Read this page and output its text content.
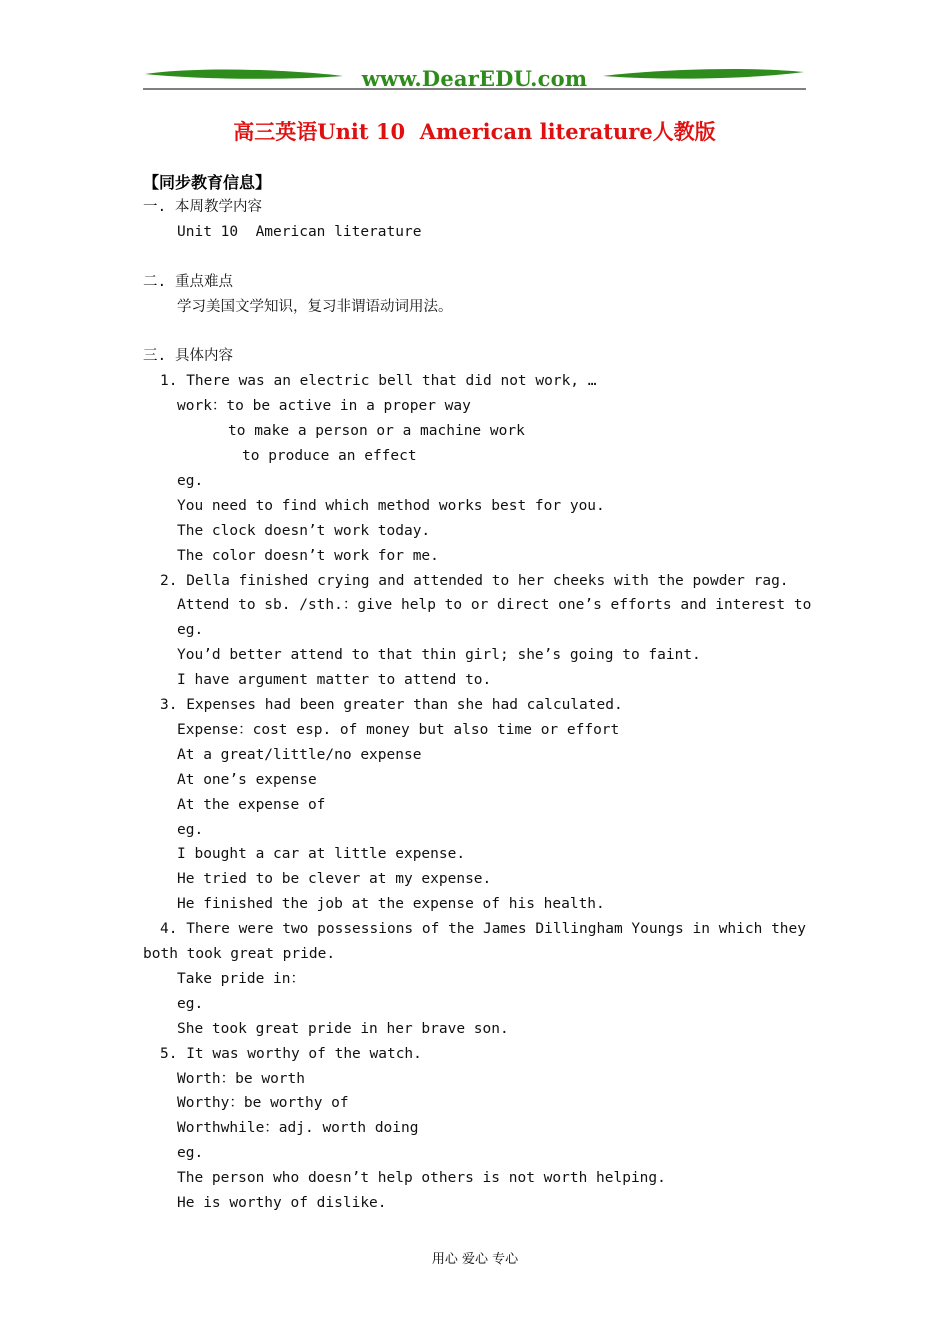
www.DearEDU.com
高三英语Unit 10  American literature人教版
【同步教育信息】
一. 本周教学内容
Unit 10  American literature
二. 重点难点
学习美国文学知识，复习非谓语动词用法。
三. 具体内容
1. There was an electric bell that did not work, …
work：to be active in a proper way
to make a person or a machine work
to produce an effect
eg.
You need to find which method works best for you.
The clock doesn’t work today.
The color doesn’t work for me.
2. Della finished crying and attended to her cheeks with the powder rag.
Attend to sb. /sth.：give help to or direct one’s efforts and interest to
eg.
You’d better attend to that thin girl; she’s going to faint.
I have argument matter to attend to.
3. Expenses had been greater than she had calculated.
Expense：cost esp. of money but also time or effort
At a great/little/no expense
At one’s expense
At the expense of
eg.
I bought a car at little expense.
He tried to be clever at my expense.
He finished the job at the expense of his health.
4. There were two possessions of the James Dillingham Youngs in which they
both took great pride.
Take pride in：
eg.
She took great pride in her brave son.
5. It was worthy of the watch.
Worth：be worth
Worthy：be worthy of
Worthwhile：adj. worth doing
eg.
The person who doesn’t help others is not worth helping.
He is worthy of dislike.
用心 爱心 专心
